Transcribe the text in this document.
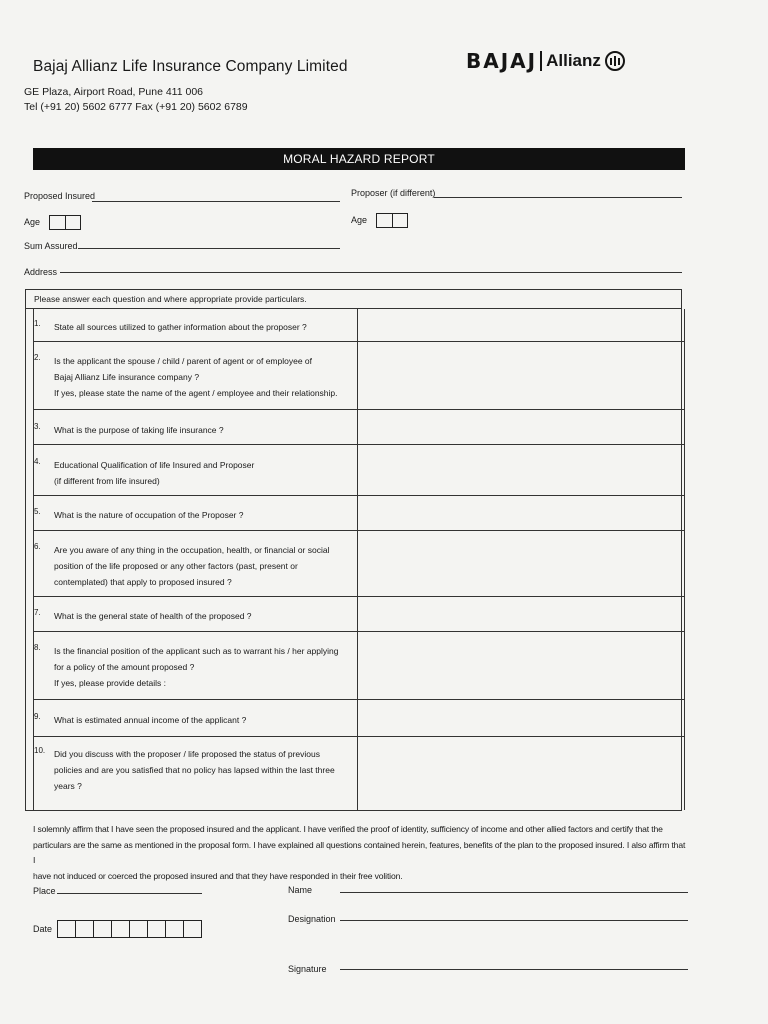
Bajaj Allianz Life Insurance Company Limited
GE Plaza, Airport Road, Pune 411 006
Tel (+91 20) 5602 6777 Fax (+91 20) 5602 6789
BAJAJ Allianz
MORAL HAZARD REPORT
Proposed Insured	Proposer (if different)
Age	Age
Sum Assured
Address
Please answer each question and where appropriate provide particulars.
1. State all sources utilized to gather information about the proposer ?
2. Is the applicant the spouse / child / parent of agent or of employee of
Bajaj Allianz Life insurance company ?
If yes, please state the name of the agent / employee and their relationship.
3. What is the purpose of taking life insurance ?
4. Educational Qualification of life Insured and Proposer
(if different from life insured)
5. What is the nature of occupation of the Proposer ?
6. Are you aware of any thing in the occupation, health, or financial or social
position of the life proposed or any other factors (past, present or
contemplated) that apply to proposed insured ?
7. What is the general state of health of the proposed ?
8. Is the financial position of the applicant such as to warrant his / her applying
for a policy of the amount proposed ?
If yes, please provide details :
9. What is estimated annual income of the applicant ?
10. Did you discuss with the proposer / life proposed the status of previous
policies and are you satisfied that no policy has lapsed within the last three
years ?
I solemnly affirm that I have seen the proposed insured and the applicant. I have verified the proof of identity, sufficiency of income and other allied factors and certify that the
particulars are the same as mentioned in the proposal form. I have explained all questions contained herein, features, benefits of the plan to the proposed insured. I also affirm that I
have not induced or coerced the proposed insured and that they have responded in their free volition.
Place
Date
Name
Designation
Signature
